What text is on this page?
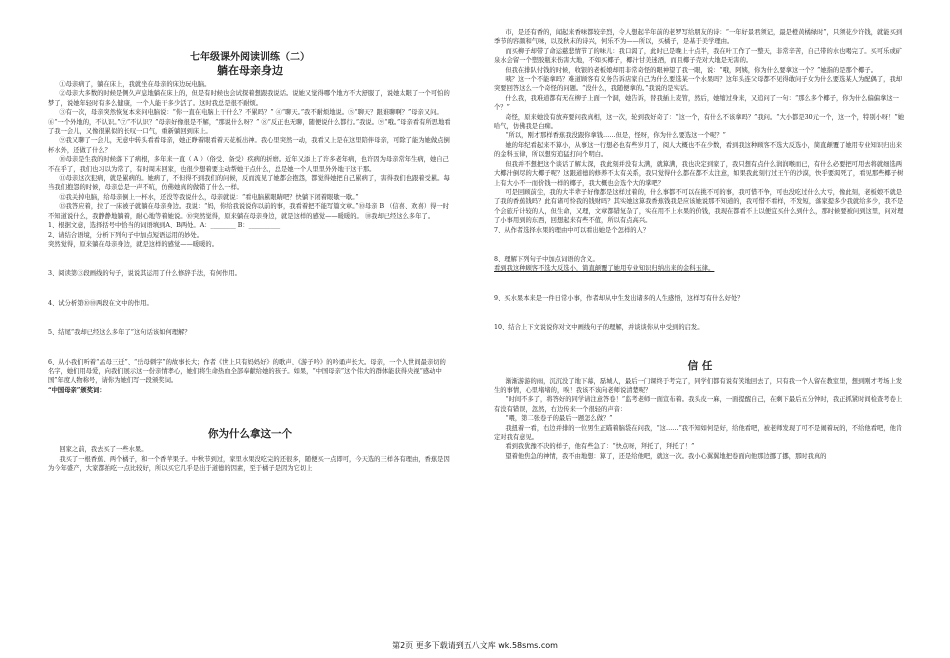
七年级课外阅读训练（二）
躺在母亲身边

①母亲病了，躺在床上，我就坐在母亲的床边玩电脑。

②母亲大多数的时候是侧久声息地躺在床上的，但是有时候也会试探着想跟我说话。说她又觉得哪个地方不大舒服了，说她太眼了一个可怕的梦了，说她年轻时有多么健康，一个人能干多少活了。这时我总是很不耐烦。

③有一次，母亲突然恢复本来问电脑说：“你一直在电脑上干什么？不累吗？” ④“聊天。”我不耐烦地说。⑤“聊天？跟谁聊啊？”母亲又问。⑥“一个外地的，不认识。”⑦“不认识？”母亲好像很是不解，“那说什么呀？” ⑧“反正也无聊，随便说什么都行。”我说。⑨“哦。”母亲看有所思地看了我一会儿，又像很累似的长叹一口气，重新躺回到床上。

⑨我又聊了一会儿，无意中转头看看母亲，她正睁着眼看着天花板出神。我心里突然一动，我看又上是在这里陪伴母亲，可除了能为她做点倒杯水外，还做了什么？

⑩母亲是生我的时候落下了病根，多年来一直（ A ）（俗受、备受）疾病的折磨。近年又添上了许多老年病，也许因为母亲常年生病，她自己不在乎了，我们也习以为常了，有时周末回家，也很少想着要主动帮她干点什么，总是她一个人里里外外地干这干那。

⑪母亲这次犯病，就是累病的。她病了，不但得不到我们的问候，反而流见了她都会抱怨，都觉得她把自己累病了，害得我们也跟着受累。每当我们抱怨的时候，母亲总是一声不吭，仿佛她真的做错了什么一样。

⑫我关掉电脑，给母亲倒上一杯水，还没等我说什么，母亲就说：“看电脑累眼睛吧？快躺下闭着眼歇一歇。”

⑬我答应着，拉了一床被子就躺在母亲身边。我说：“妈，你给我说说你以前的事，我看着把不能写篇文章。”⑩母亲 B （信喜、欢喜）得一时不知道说什么，我静静地躺着，耐心地等着她说。⑩突然觉得，原来躺在母亲身边，就是这样的感觉——暖暖的。 ⑩我却已经这么多年了。

1、根据文意，选择括号中恰当的词语填到A、B两处。A：________ B：__________
2、请结合语境，分析下列句子中加点短语运用的妙处。
突然觉得，原来躺在母亲身边，就是这样的感觉——暖暖的。
3、阅读第③段画线的句子，说说其运用了什么修辞手法，有何作用。
4、试分析第⑩⑩两段在文中的作用。
5、结尾“我却已经这么多年了”这句话该如何理解？
6、从小我们听着“孟母三迁”、“岳母刺字”的故事长大；作者《世上只有妈妈好》的歌声、《游子吟》的吟诵声长大。母亲，一个人世间最亲切的名字，她们用母爱，向我们展示这一份亲情孝心，她们将生命热血全部奉献给她的孩子。如果，“中国母亲”这个伟大的群体能获得央视“感动中国”年度人物称号，请你为她们写一段颁奖词。
“中国母亲”颁奖词：
你为什么拿这一个

回家之前，我去买了一些水果。

我买了一根香蕉、两个橘子，和一个香苹果子。中秋节到过，家里水果没吃完的还很多，随便买一点即可，今天选的三样各有理由，香蕉是因为今年盛产，大家都拍吃一点比较好，所以买它几乎是出于道德的因素，至于橘子是因为它切上

市，是还有香的，闻起来香味都较辛烈，令人想起半年前的老罗写给朋友的诗：“一年好景君须记，最是橙黄橘绿时”，只须花少许钱，就能买到季节的容颜和气味，以及秋末的诗兴，何乐不为——所以，买橘子，是基于美学理由。

而买柳子却带了命运慈悲情节了的味儿：我口渴了，此时已是晚上十点半，我在叶工作了一整天，非常辛苦，自己带的水也喝完了。买可乐或矿泉水会留一个塑胶瓶来伤害大地，不如买椰子，椰汁甘美迷酒，而且椰子壳对大地是无害的。

但我在排队付钱的时候，收银的老板娘却用非常奇怪的眼神望了我一眼，说：“哦，阿姨，你为什么要拿这一个？”她指的是那个椰子。

咦？这一个不能拿吗？难道顾客有义务告诉店家自己为什么要选某一个水果吗？这年头连父母都不见得敢问子女为什么要选某人为配偶了，我却突要回答这么一个奇怪的问题。“没什么，我随便拿的。”我说的是实话。

什么我，我难道都有无在柳子上面一个洞，她告诉，替我插上麦管，然后，她缩过身来，又追问了一句：“那么多个椰子，你为什么偏偏拿这一个？”

奇怪，原来她没有放弃要问我真相，这一次，轮到我好奇了：“这一个，有什么不该拿吗？”我问。“大小都是30元一个，这一个，特别小呀！”她哈气，仿佛我是白痴。

“所以，刚才那样香蕉我没跟你拿钱……但是，怪呀，你为什么要选这一个呢？”

她的年纪看起来不算小，从事这一行想必也有些岁月了，阅人大概也不在少数，看到我这种顾客不选大反选小，简直颠覆了她用专业知识归出来的金科玉律，所以想穷追猛打问个明白。

但我并不想把这个谈话了解太深，我此刻并没有太满，就算满，我也决定到家了，我只想有点什么润润喉而已，有什么必要把可用去将就细选两大椰汁倒尽的大椰子呢？这跟道德的修养不太有关系，我只觉得什么都在都不太注意，如果我此刻行过王午的沙漠，快乎要渴死了，看见那些椰子树上有大小不一而价钱一样的椰子，我大概也会选个大的掌吧？

可是回顾前尘，我的大半辈子好像都是这样过着的，什么事都不可以在挑不可的事，我可惜不争，可也没吃过什么大亏，像此刻，老板娘不就是了我的香蕉钱吗？此有诸可怜我的钱财吗？其实她这算我香蕉钱我是应该她说那不知道的，我可惜不看样，不发短，落家提多少我就给多少，我不是个会旅斤计较的人，但生命，又理，文章都错复杂了，实在用不上水果的价钱，我现在都看不上以便宜买什么到什么，那时候要被问到这里，问对理了小事用到的东西，回想起来有些不值，所以有点高兴。

7、从作者选择水果的理由中可以看出她是个怎样的人？
8、理解下列句子中加点词语的含义。
看到我这种顾客不选大反选小，简直颠覆了她用专业知识归纳出来的金科玉律。
9、买水果本来是一件日常小事，作者却从中生发出诸多的人生感悟，这样写有什么好处？
10、结合上下文说说你对文中画线句子的理解，并谈谈你从中受到的启发。
信 任

渐渐游游的雨，沉沉没了地下幕，磊城人，最后一门课终于考完了，同学们都有说有笑地回去了，只有我一个人留在教室里，想到刚才考场上发生的事情，心里堵堵的，唉！我该不该向老师说清楚呢？

“时间不多了，将答好的同学请注意答卷！”监考老师一面宣布着。我头皮一麻，一面提醒自己，在剩下最后五分钟时，我正抓紧时间检查考卷上有没有错误，忽然，右边传来一个很轻的声音：

“喂，第二张卷子的最后一题怎么做？”

我扭着一看，右边并排的一位男生正瞄着脑袋在问我，“这……”我不知如何是好，给他看吧，被老师发现了可不是闹着玩的，不给他看吧，他肯定对我有意见。

看到我犹豫不决的样子，他有些急了：“快点呀，拜托了，拜托了！”

望着他焦急的神情，我不由地想：算了，还是给他吧，就这一次。我小心翼翼地把卷面向他那边挪了挪，那时我真的

第2页 更多下载请到五八文库 wk.58sms.com
